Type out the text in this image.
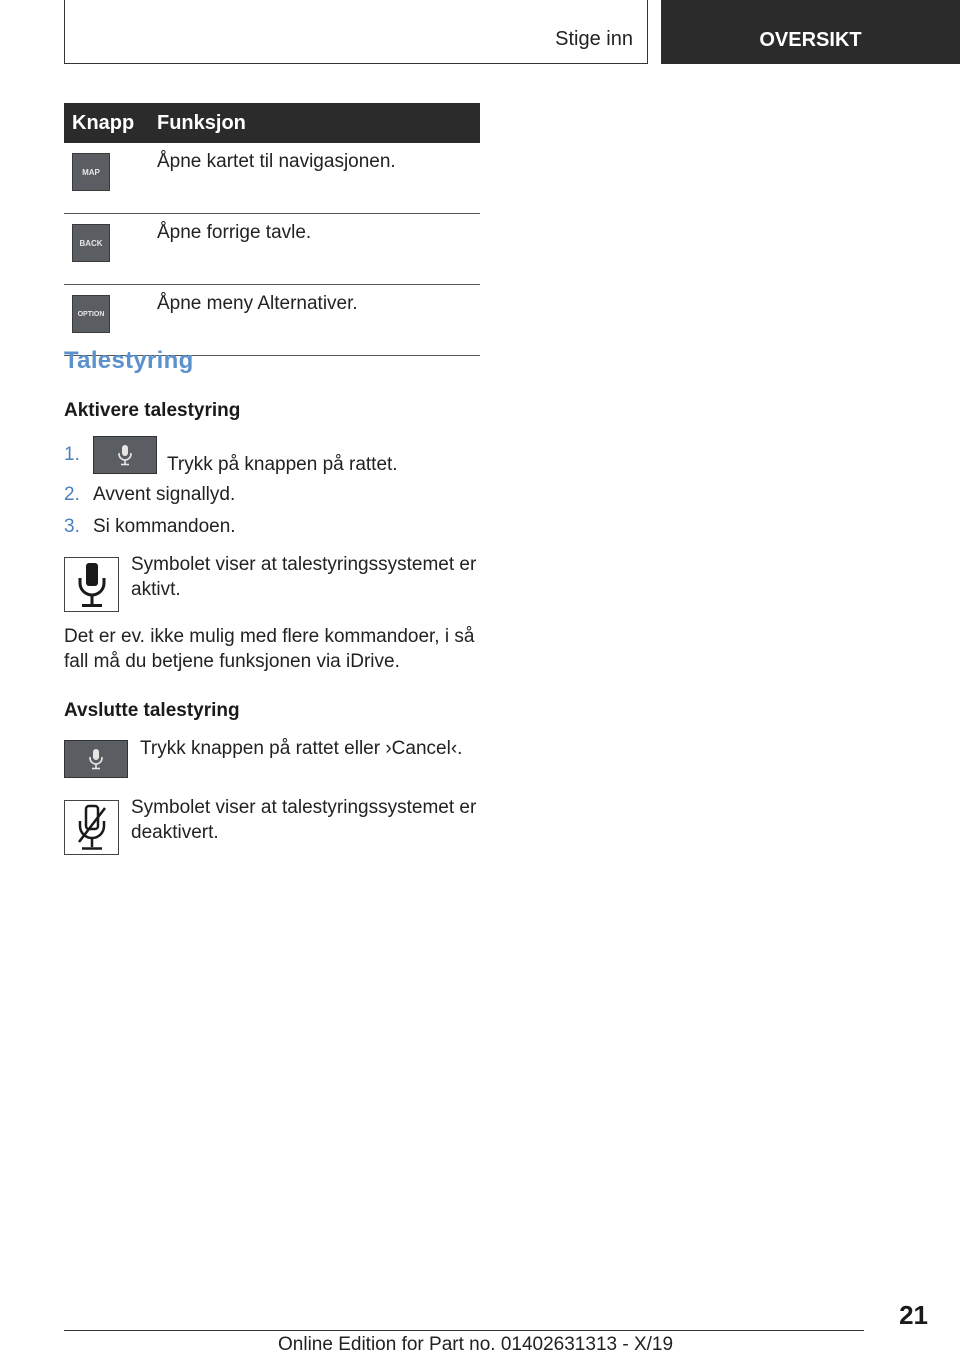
Stige inn	OVERSIKT
Knapp	Funksjon

MAP	Åpne kartet til navigasjonen.

BACK	Åpne forrige tavle.

OPTION	Åpne meny Alternativer.
Talestyring
Aktivere talestyring
1.	Trykk på knappen på rattet.
2. Avvent signallyd.
3. Si kommandoen.
Symbolet viser at talestyringssystemet er aktivt.
Det er ev. ikke mulig med flere kommandoer, i så fall må du betjene funksjonen via iDrive.
Avslutte talestyring
Trykk knappen på rattet eller ›Cancel‹.
Symbolet viser at talestyringssystemet er deaktivert.
21
Online Edition for Part no. 01402631313 - X/19
